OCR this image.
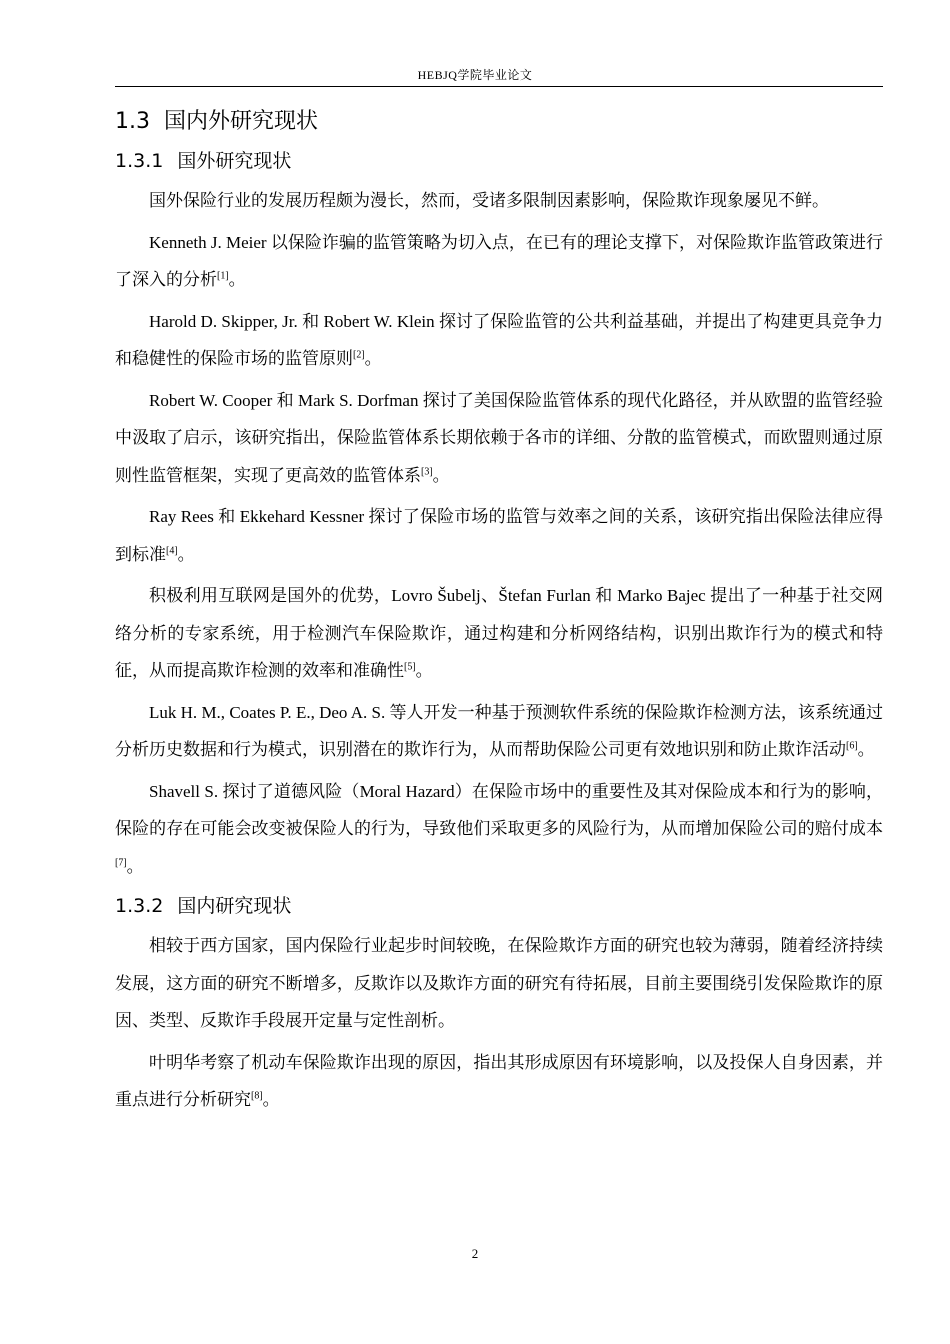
HEBJQ学院毕业论文
1.3 国内外研究现状
1.3.1 国外研究现状

国外保险行业的发展历程颇为漫长，然而，受诸多限制因素影响，保险欺诈现象屡见不鲜。

Kenneth J. Meier 以保险诈骗的监管策略为切入点，在已有的理论支撑下，对保险欺诈监管政策进行了深入的分析[1]。

Harold D. Skipper, Jr. 和 Robert W. Klein 探讨了保险监管的公共利益基础，并提出了构建更具竞争力和稳健性的保险市场的监管原则[2]。

Robert W. Cooper 和 Mark S. Dorfman 探讨了美国保险监管体系的现代化路径，并从欧盟的监管经验中汲取了启示，该研究指出，保险监管体系长期依赖于各市的详细、分散的监管模式，而欧盟则通过原则性监管框架，实现了更高效的监管体系[3]。

Ray Rees 和 Ekkehard Kessner 探讨了保险市场的监管与效率之间的关系，该研究指出保险法律应得到标准[4]。

积极利用互联网是国外的优势，Lovro Šubelj、Štefan Furlan 和 Marko Bajec 提出了一种基于社交网络分析的专家系统，用于检测汽车保险欺诈，通过构建和分析网络结构，识别出欺诈行为的模式和特征，从而提高欺诈检测的效率和准确性[5]。

Luk H. M., Coates P. E., Deo A. S. 等人开发一种基于预测软件系统的保险欺诈检测方法，该系统通过分析历史数据和行为模式，识别潜在的欺诈行为，从而帮助保险公司更有效地识别和防止欺诈活动[6]。

Shavell S. 探讨了道德风险（Moral Hazard）在保险市场中的重要性及其对保险成本和行为的影响，保险的存在可能会改变被保险人的行为，导致他们采取更多的风险行为，从而增加保险公司的赔付成本[7]。

1.3.2 国内研究现状

相较于西方国家，国内保险行业起步时间较晚，在保险欺诈方面的研究也较为薄弱，随着经济持续发展，这方面的研究不断增多，反欺诈以及欺诈方面的研究有待拓展，目前主要围绕引发保险欺诈的原因、类型、反欺诈手段展开定量与定性剖析。

叶明华考察了机动车保险欺诈出现的原因，指出其形成原因有环境影响，以及投保人自身因素，并重点进行分析研究[8]。

2
